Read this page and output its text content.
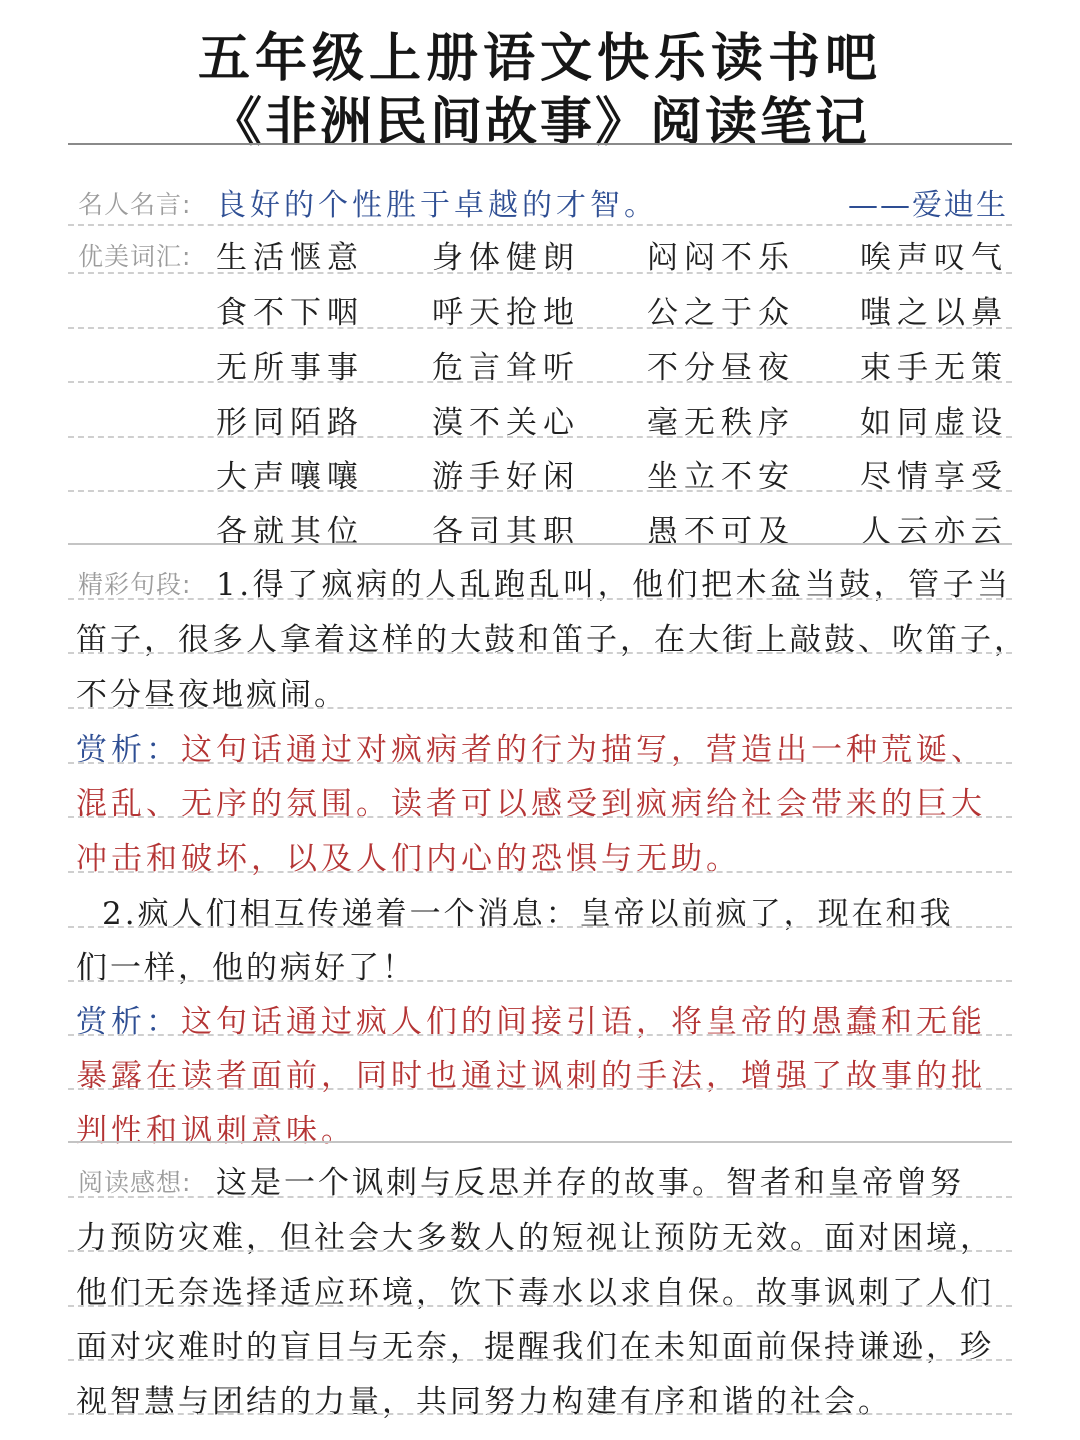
五年级上册语文快乐读书吧
《非洲民间故事》阅读笔记
名人名言: 良好的个性胜于卓越的才智。	——爱迪生
优美词汇: 生活惬意	身体健朗	闷闷不乐	唉声叹气
食不下咽	呼天抢地	公之于众	嗤之以鼻
无所事事	危言耸听	不分昼夜	束手无策
形同陌路	漠不关心	毫无秩序	如同虚设
大声嚷嚷	游手好闲	坐立不安	尽情享受
各就其位	各司其职	愚不可及	人云亦云
精彩句段: 1.得了疯病的人乱跑乱叫，他们把木盆当鼓，管子当
笛子，很多人拿着这样的大鼓和笛子，在大街上敲鼓、吹笛子，
不分昼夜地疯闹。
赏析：这句话通过对疯病者的行为描写，营造出一种荒诞、
混乱、无序的氛围。读者可以感受到疯病给社会带来的巨大
冲击和破坏，以及人们内心的恐惧与无助。
2.疯人们相互传递着一个消息：皇帝以前疯了，现在和我
们一样，他的病好了！
赏析：这句话通过疯人们的间接引语，将皇帝的愚蠢和无能
暴露在读者面前，同时也通过讽刺的手法，增强了故事的批
判性和讽刺意味。
阅读感想: 这是一个讽刺与反思并存的故事。智者和皇帝曾努
力预防灾难，但社会大多数人的短视让预防无效。面对困境，
他们无奈选择适应环境，饮下毒水以求自保。故事讽刺了人们
面对灾难时的盲目与无奈，提醒我们在未知面前保持谦逊，珍
视智慧与团结的力量，共同努力构建有序和谐的社会。
